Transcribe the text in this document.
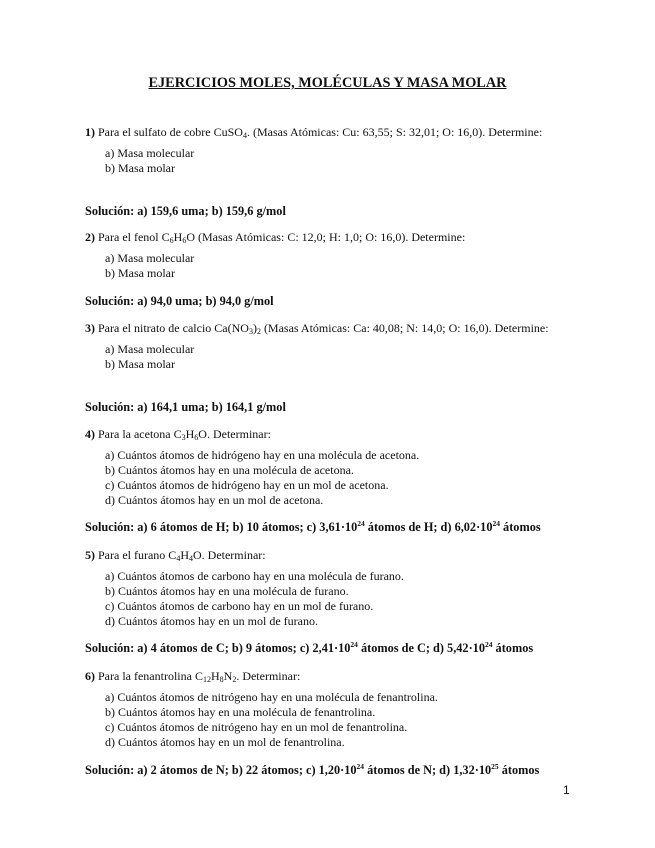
EJERCICIOS MOLES, MOLÉCULAS Y MASA MOLAR
1) Para el sulfato de cobre CuSO$_4$. (Masas Atómicas: Cu: 63,55; S: 32,01; O: 16,0). Determine:
a) Masa molecular
b) Masa molar
Solución: a) 159,6 uma; b) 159,6 g/mol
2) Para el fenol $C_6H_6O$ (Masas Atómicas: C: 12,0; H: 1,0; O: 16,0). Determine:
a) Masa molecular
b) Masa molar
Solución: a) 94,0 uma; b) 94,0 g/mol
3) Para el nitrato de calcio $Ca(NO_3)_2$ (Masas Atómicas: Ca: 40,08; N: 14,0; O: 16,0). Determine:
a) Masa molecular
b) Masa molar
Solución: a) 164,1 uma; b) 164,1 g/mol
4) Para la acetona $C_3H_6O$. Determinar:
a) Cuántos átomos de hidrógeno hay en una molécula de acetona.
b) Cuántos átomos hay en una molécula de acetona.
c) Cuántos átomos de hidrógeno hay en un mol de acetona.
d) Cuántos átomos hay en un mol de acetona.
Solución: a) 6 átomos de H; b) 10 átomos; c) $3,61\cdot 10^{24}$ átomos de H; d) $6,02\cdot 10^{24}$ átomos
5) Para el furano $C_4H_4O$. Determinar:
a) Cuántos átomos de carbono hay en una molécula de furano.
b) Cuántos átomos hay en una molécula de furano.
c) Cuántos átomos de carbono hay en un mol de furano.
d) Cuántos átomos hay en un mol de furano.
Solución: a) 4 átomos de C; b) 9 átomos; c) $2,41\cdot 10^{24}$ átomos de C; d) $5,42\cdot 10^{24}$ átomos
6) Para la fenantrolina $C_{12}H_8N_2$. Determinar:
a) Cuántos átomos de nitrógeno hay en una molécula de fenantrolina.
b) Cuántos átomos hay en una molécula de fenantrolina.
c) Cuántos átomos de nitrógeno hay en un mol de fenantrolina.
d) Cuántos átomos hay en un mol de fenantrolina.
Solución: a) 2 átomos de N; b) 22 átomos; c) $1,20\cdot 10^{24}$ átomos de N; d) $1,32\cdot 10^{25}$ átomos
1
